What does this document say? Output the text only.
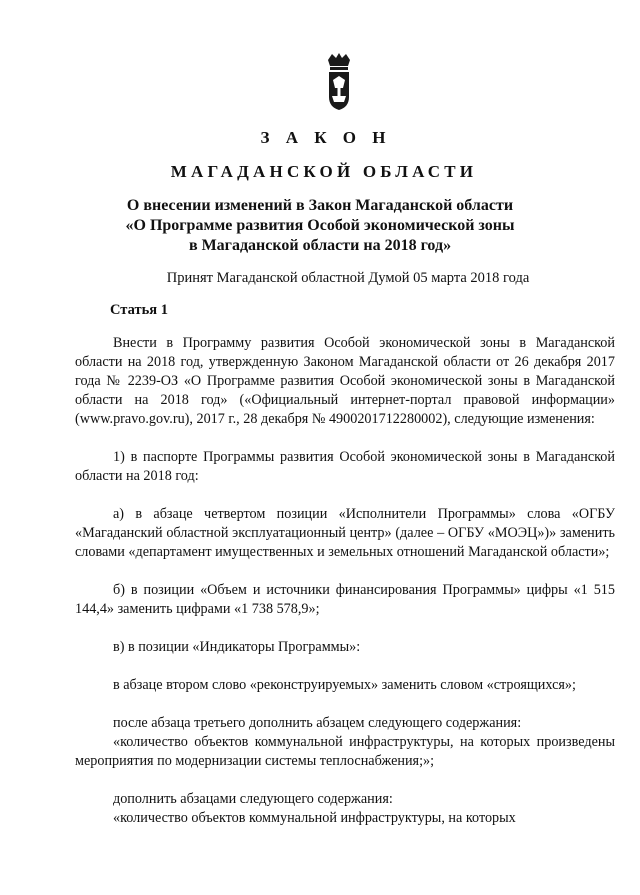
З А К О Н

МАГАДАНСКОЙ ОБЛАСТИ

О внесении изменений в Закон Магаданской области
«О Программе развития Особой экономической зоны
в Магаданской области на 2018 год»

Принят Магаданской областной Думой 05 марта 2018 года

Статья 1

Внести в Программу развития Особой экономической зоны в Магаданской области на 2018 год, утвержденную Законом Магаданской области от 26 декабря 2017 года № 2239-ОЗ «О Программе развития Особой экономической зоны в Магаданской области на 2018 год» («Официальный интернет-портал правовой информации» (www.pravo.gov.ru), 2017 г., 28 декабря № 4900201712280002), следующие изменения:

1) в паспорте Программы развития Особой экономической зоны в Магаданской области на 2018 год:

а) в абзаце четвертом позиции «Исполнители Программы» слова «ОГБУ «Магаданский областной эксплуатационный центр» (далее – ОГБУ «МОЭЦ»)» заменить словами «департамент имущественных и земельных отношений Магаданской области»;

б) в позиции «Объем и источники финансирования Программы» цифры «1 515 144,4» заменить цифрами «1 738 578,9»;

в) в позиции «Индикаторы Программы»:

в абзаце втором слово «реконструируемых» заменить словом «строящихся»;

после абзаца третьего дополнить абзацем следующего содержания:

«количество объектов коммунальной инфраструктуры, на которых произведены мероприятия по модернизации системы теплоснабжения;»;

дополнить абзацами следующего содержания:

«количество объектов коммунальной инфраструктуры, на которых
